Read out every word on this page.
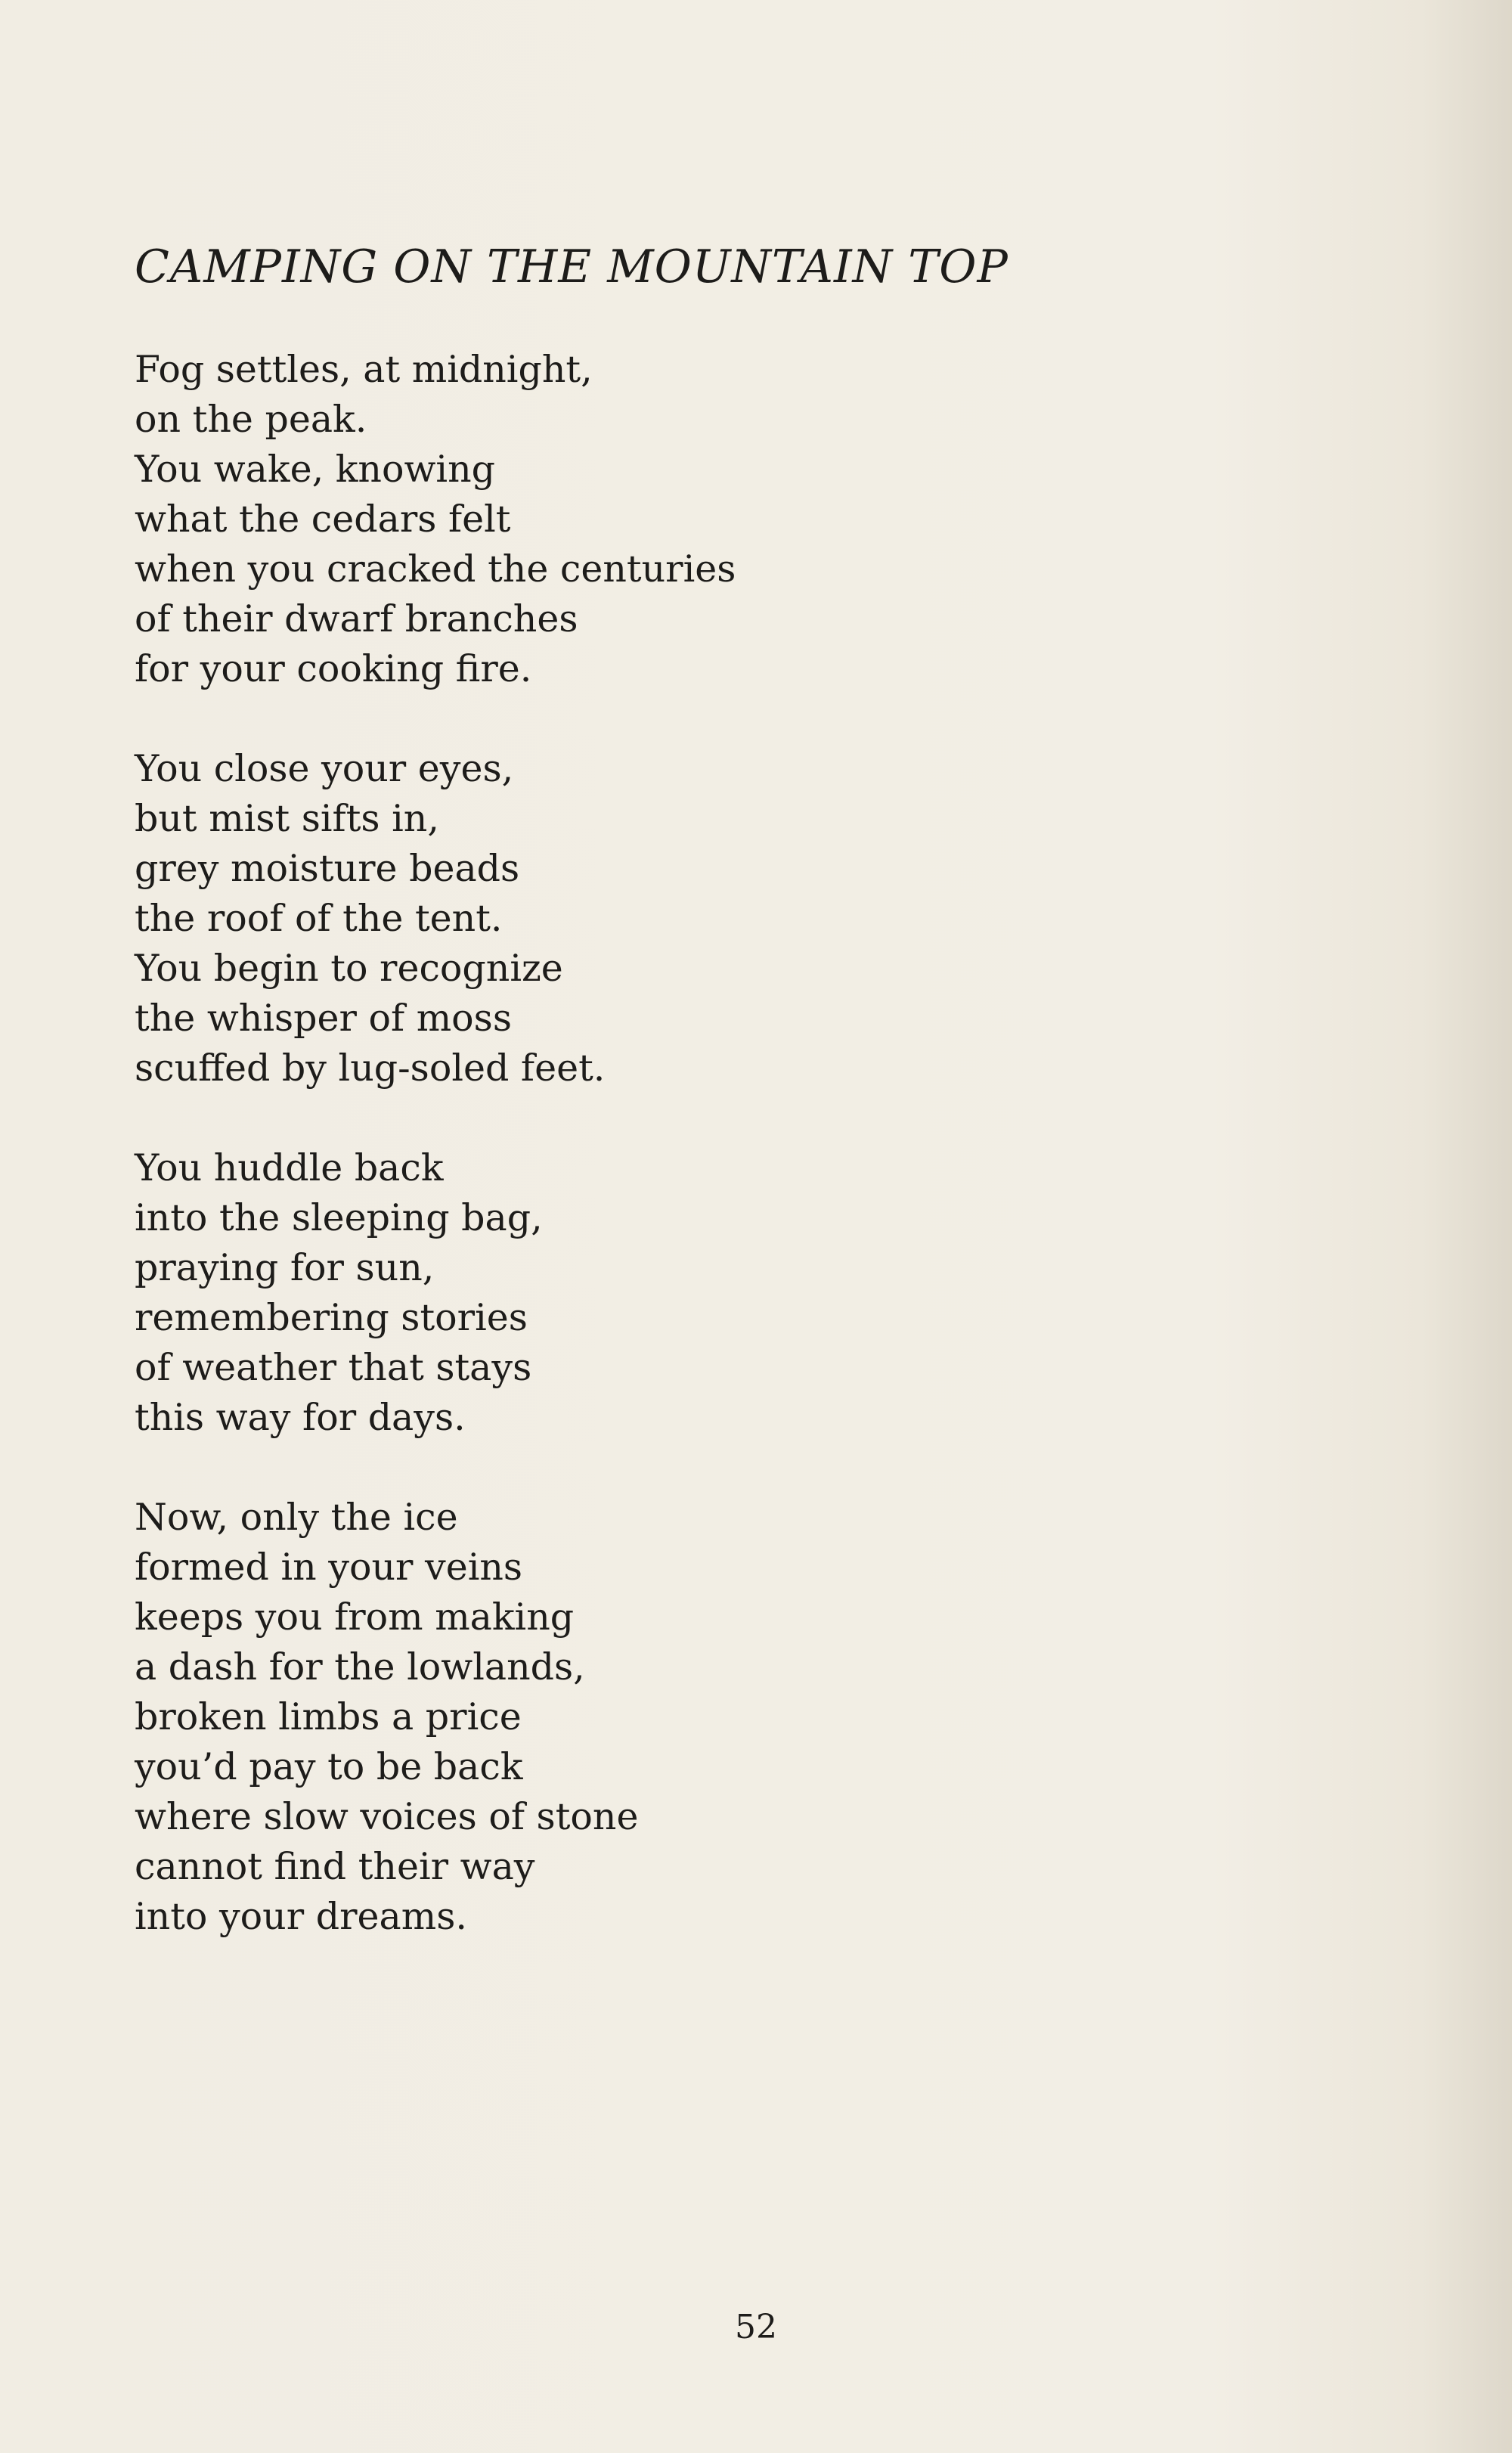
CAMPING ON THE MOUNTAIN TOP
Fog settles, at midnight,
on the peak.
You wake, knowing
what the cedars felt
when you cracked the centuries
of their dwarf branches
for your cooking fire.
You close your eyes,
but mist sifts in,
grey moisture beads
the roof of the tent.
You begin to recognize
the whisper of moss
scuffed by lug-soled feet.
You huddle back
into the sleeping bag,
praying for sun,
remembering stories
of weather that stays
this way for days.
Now, only the ice
formed in your veins
keeps you from making
a dash for the lowlands,
broken limbs a price
you’d pay to be back
where slow voices of stone
cannot find their way
into your dreams.
52
